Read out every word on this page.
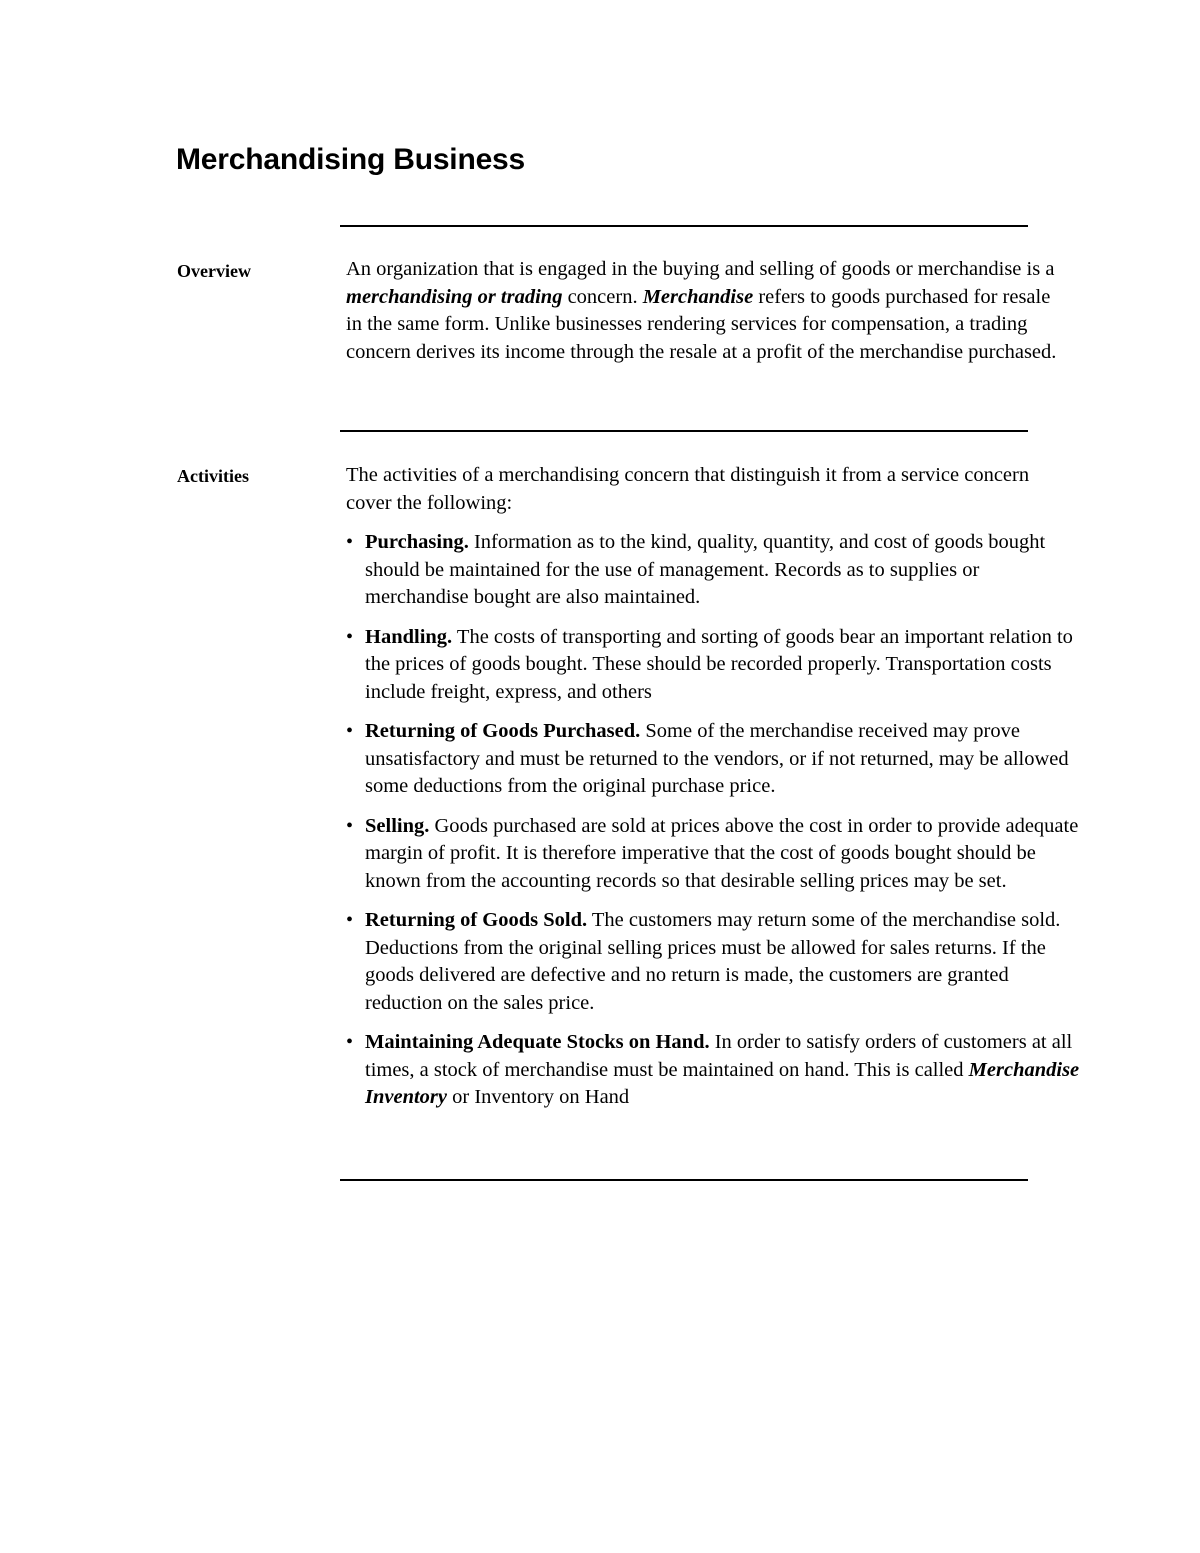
Merchandising Business
Overview	An organization that is engaged in the buying and selling of goods or merchandise is a merchandising or trading concern. Merchandise refers to goods purchased for resale in the same form. Unlike businesses rendering services for compensation, a trading concern derives its income through the resale at a profit of the merchandise purchased.

Activities	The activities of a merchandising concern that distinguish it from a service concern cover the following:

• Purchasing. Information as to the kind, quality, quantity, and cost of goods bought should be maintained for the use of management. Records as to supplies or merchandise bought are also maintained.
• Handling. The costs of transporting and sorting of goods bear an important relation to the prices of goods bought. These should be recorded properly. Transportation costs include freight, express, and others
• Returning of Goods Purchased. Some of the merchandise received may prove unsatisfactory and must be returned to the vendors, or if not returned, may be allowed some deductions from the original purchase price.
• Selling. Goods purchased are sold at prices above the cost in order to provide adequate margin of profit. It is therefore imperative that the cost of goods bought should be known from the accounting records so that desirable selling prices may be set.
• Returning of Goods Sold. The customers may return some of the merchandise sold. Deductions from the original selling prices must be allowed for sales returns. If the goods delivered are defective and no return is made, the customers are granted reduction on the sales price.
• Maintaining Adequate Stocks on Hand. In order to satisfy orders of customers at all times, a stock of merchandise must be maintained on hand. This is called Merchandise Inventory or Inventory on Hand
